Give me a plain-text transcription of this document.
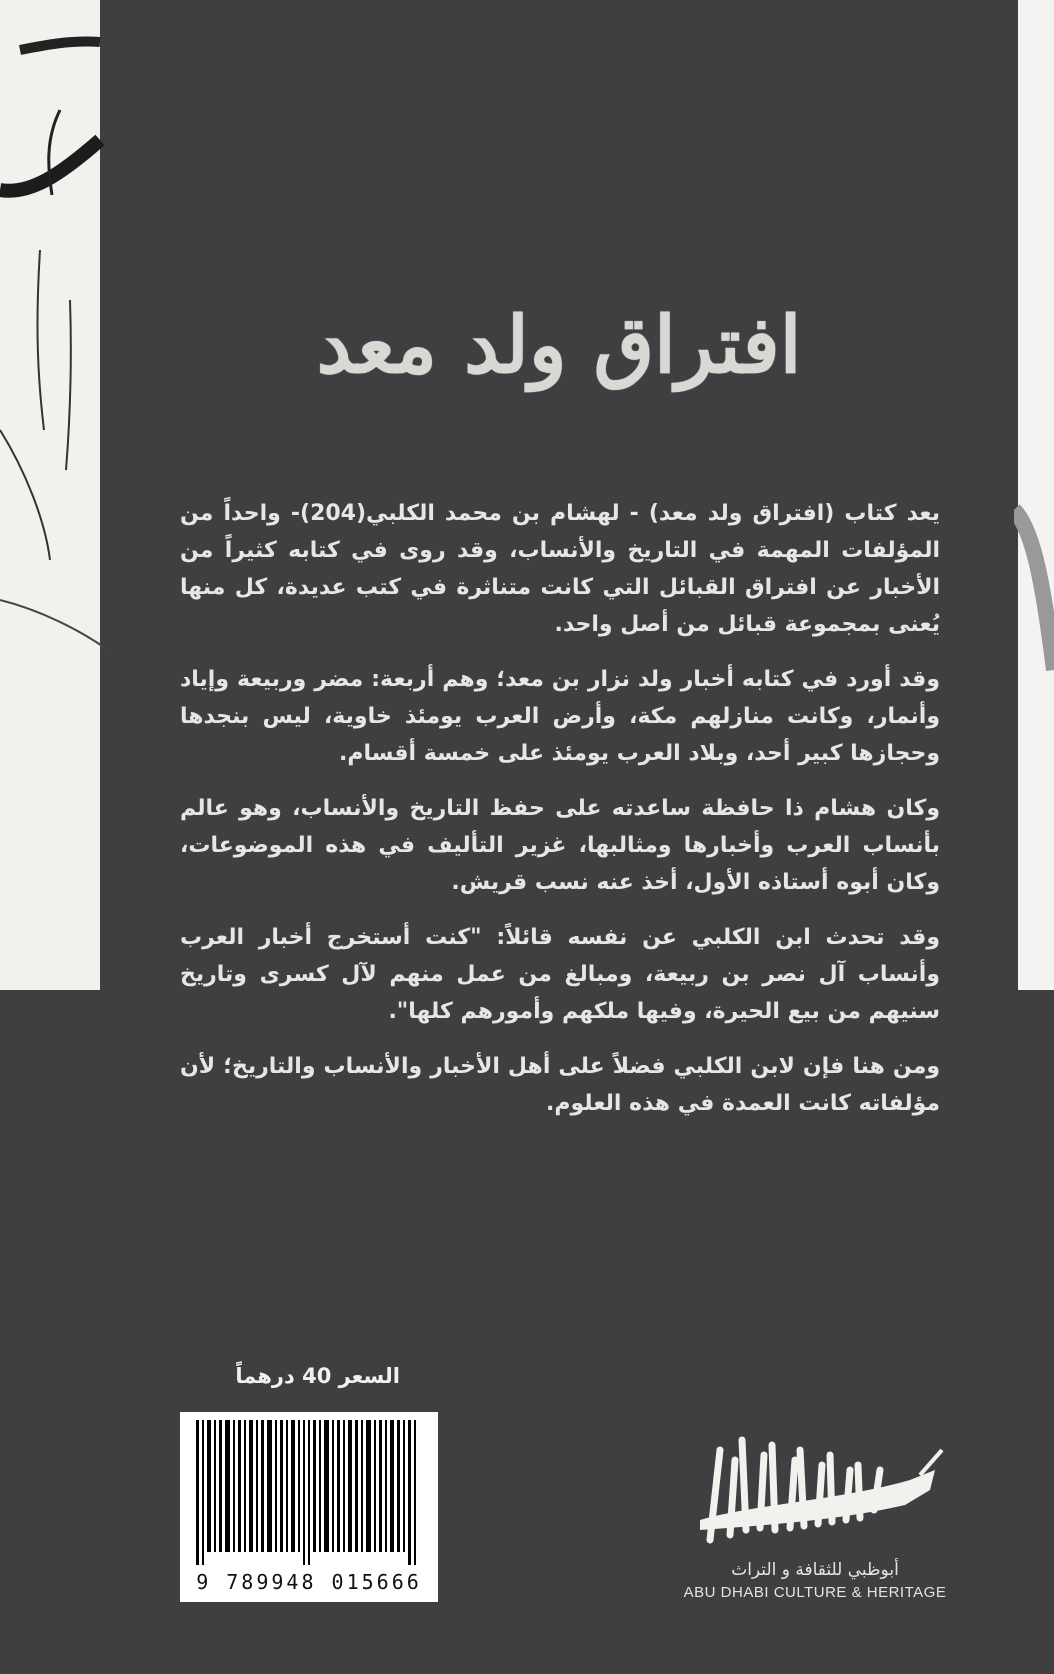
افتراق ولد معد

يعد كتاب (افتراق ولد معد) - لهشام بن محمد الكلبي(204)- واحداً من المؤلفات المهمة في التاريخ والأنساب، وقد روى في كتابه كثيراً من الأخبار عن افتراق القبائل التي كانت متناثرة في كتب عديدة، كل منها يُعنى بمجموعة قبائل من أصل واحد.

وقد أورد في كتابه أخبار ولد نزار بن معد؛ وهم أربعة: مضر وربيعة وإياد وأنمار، وكانت منازلهم مكة، وأرض العرب يومئذ خاوية، ليس بنجدها وحجازها كبير أحد، وبلاد العرب يومئذ على خمسة أقسام.

وكان هشام ذا حافظة ساعدته على حفظ التاريخ والأنساب، وهو عالم بأنساب العرب وأخبارها ومثالبها، غزير التأليف في هذه الموضوعات، وكان أبوه أستاذه الأول، أخذ عنه نسب قريش.

وقد تحدث ابن الكلبي عن نفسه قائلاً: "كنت أستخرج أخبار العرب وأنساب آل نصر بن ربيعة، ومبالغ من عمل منهم لآل كسرى وتاريخ سنيهم من بيع الحيرة، وفيها ملكهم وأمورهم كلها".

ومن هنا فإن لابن الكلبي فضلاً على أهل الأخبار والأنساب والتاريخ؛ لأن مؤلفاته كانت العمدة في هذه العلوم.

السعر 40 درهماً
9 789948 015666	أبوظبي للثقافة و التراث
ABU DHABI CULTURE & HERITAGE
